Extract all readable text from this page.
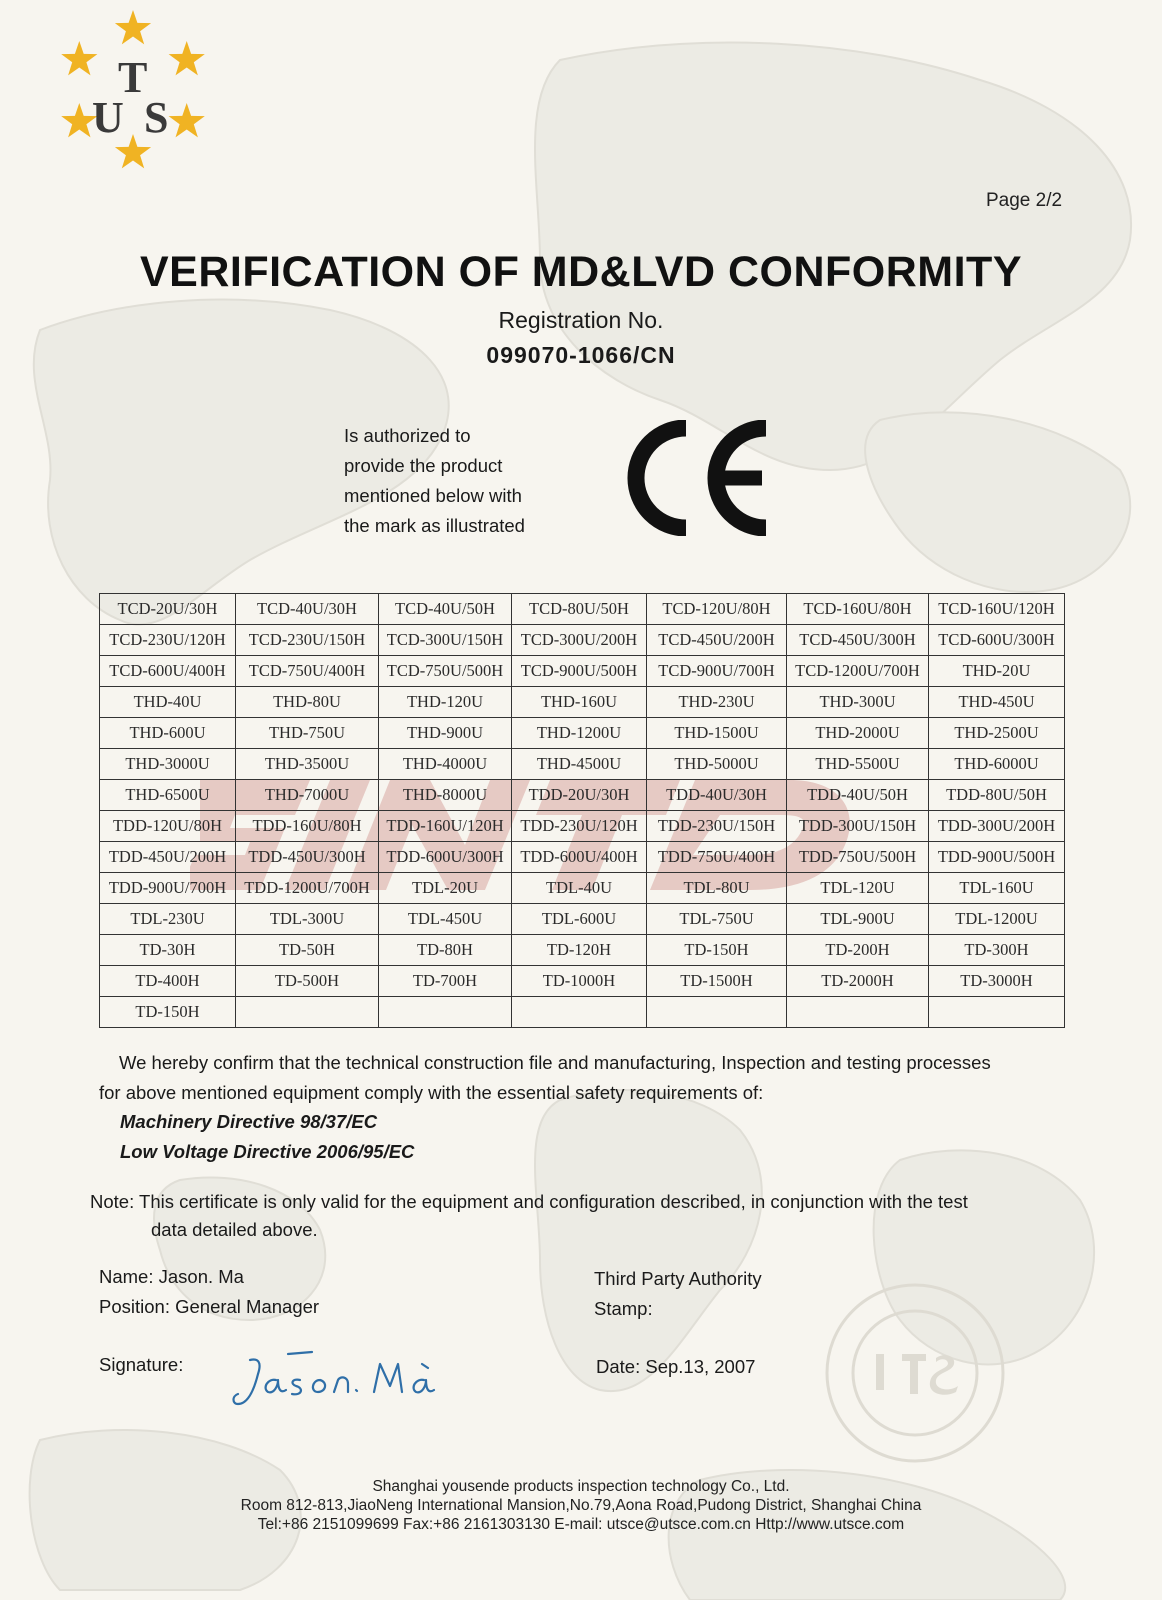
T
U S
Page 2/2
VERIFICATION OF MD&LVD CONFORMITY
Registration No.
099070-1066/CN
Is authorized to
provide the product
mentioned below with
the mark as illustrated
TCD-20U/30H	TCD-40U/30H	TCD-40U/50H	TCD-80U/50H	TCD-120U/80H	TCD-160U/80H	TCD-160U/120H
TCD-230U/120H	TCD-230U/150H	TCD-300U/150H	TCD-300U/200H	TCD-450U/200H	TCD-450U/300H	TCD-600U/300H
TCD-600U/400H	TCD-750U/400H	TCD-750U/500H	TCD-900U/500H	TCD-900U/700H	TCD-1200U/700H	THD-20U
THD-40U	THD-80U	THD-120U	THD-160U	THD-230U	THD-300U	THD-450U
THD-600U	THD-750U	THD-900U	THD-1200U	THD-1500U	THD-2000U	THD-2500U
THD-3000U	THD-3500U	THD-4000U	THD-4500U	THD-5000U	THD-5500U	THD-6000U
THD-6500U	THD-7000U	THD-8000U	TDD-20U/30H	TDD-40U/30H	TDD-40U/50H	TDD-80U/50H
TDD-120U/80H	TDD-160U/80H	TDD-160U/120H	TDD-230U/120H	TDD-230U/150H	TDD-300U/150H	TDD-300U/200H
TDD-450U/200H	TDD-450U/300H	TDD-600U/300H	TDD-600U/400H	TDD-750U/400H	TDD-750U/500H	TDD-900U/500H
TDD-900U/700H	TDD-1200U/700H	TDL-20U	TDL-40U	TDL-80U	TDL-120U	TDL-160U
TDL-230U	TDL-300U	TDL-450U	TDL-600U	TDL-750U	TDL-900U	TDL-1200U
TD-30H	TD-50H	TD-80H	TD-120H	TD-150H	TD-200H	TD-300H
TD-400H	TD-500H	TD-700H	TD-1000H	TD-1500H	TD-2000H	TD-3000H
TD-150H						
We hereby confirm that the technical construction file and manufacturing, Inspection and testing processes
for above mentioned equipment comply with the essential safety requirements of:
Machinery Directive 98/37/EC
Low Voltage Directive 2006/95/EC
Note: This certificate is only valid for the equipment and configuration described, in conjunction with the test
data detailed above.
Name: Jason. Ma
Position: General Manager
Signature:
Third Party Authority
Stamp:
Date: Sep.13, 2007
Shanghai yousende products inspection technology Co., Ltd.
Room 812-813,JiaoNeng International Mansion,No.79,Aona Road,Pudong District, Shanghai China
Tel:+86 2151099699 Fax:+86 2161303130 E-mail: utsce@utsce.com.cn Http://www.utsce.com
